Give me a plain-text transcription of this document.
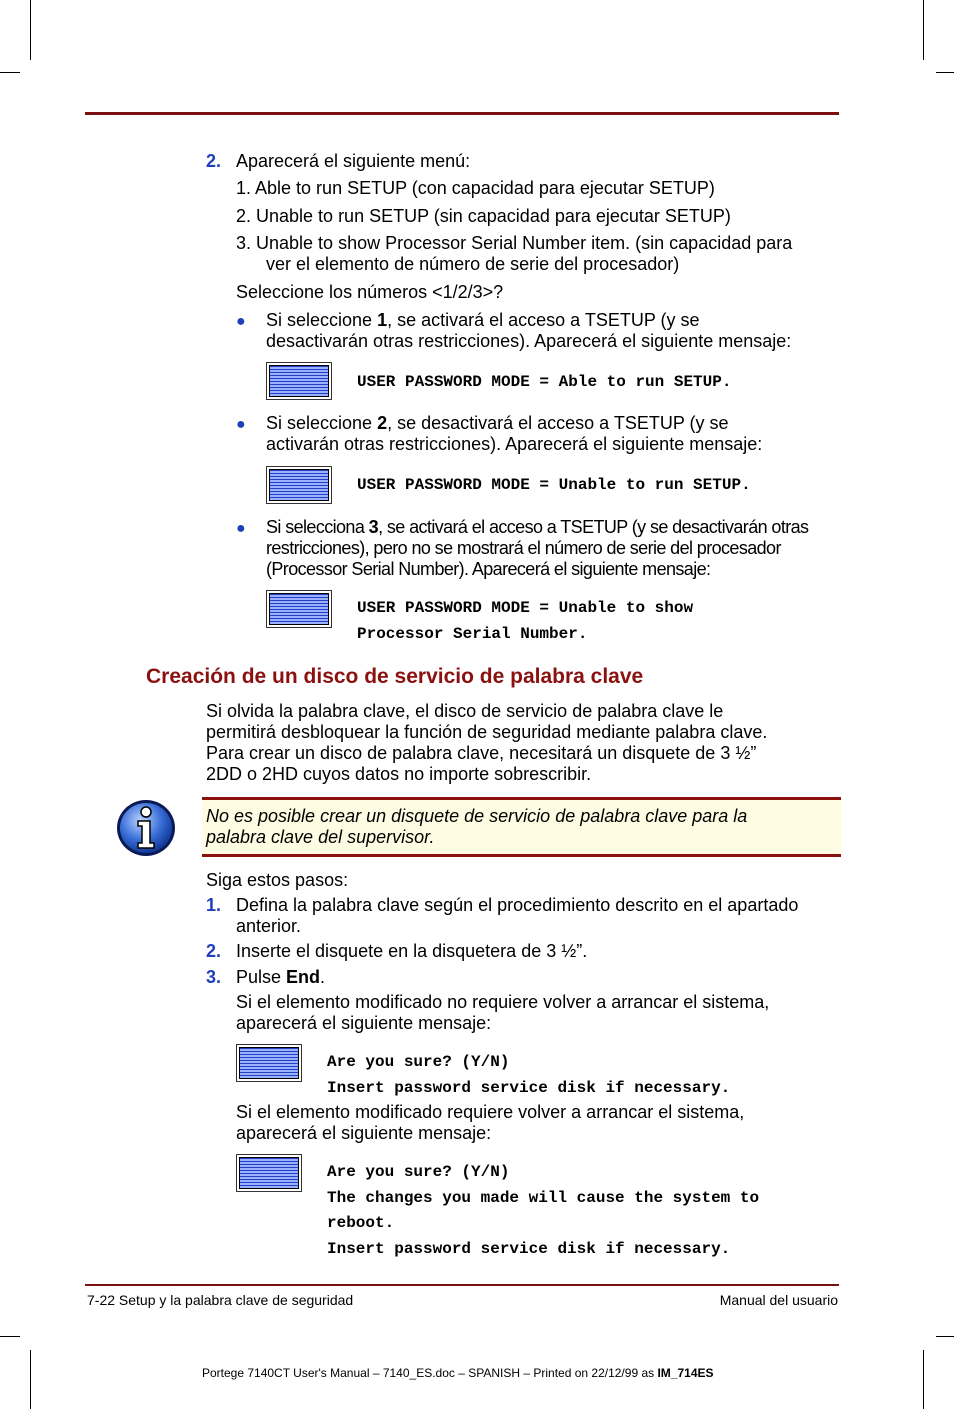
2. Aparecerá el siguiente menú:
1. Able to run SETUP (con capacidad para ejecutar SETUP)
2. Unable to run SETUP (sin capacidad para ejecutar SETUP)
3. Unable to show Processor Serial Number item. (sin capacidad para
ver el elemento de número de serie del procesador)
Seleccione los números <1/2/3>?
● Si seleccione 1, se activará el acceso a TSETUP (y se
desactivarán otras restricciones). Aparecerá el siguiente mensaje:
USER PASSWORD MODE = Able to run SETUP.
● Si seleccione 2, se desactivará el acceso a TSETUP (y se
activarán otras restricciones). Aparecerá el siguiente mensaje:
USER PASSWORD MODE = Unable to run SETUP.
● Si selecciona 3, se activará el acceso a TSETUP (y se desactivarán otras
restricciones), pero no se mostrará el número de serie del procesador
(Processor Serial Number). Aparecerá el siguiente mensaje:
USER PASSWORD MODE = Unable to show
Processor Serial Number.
Creación de un disco de servicio de palabra clave
Si olvida la palabra clave, el disco de servicio de palabra clave le
permitirá desbloquear la función de seguridad mediante palabra clave.
Para crear un disco de palabra clave, necesitará un disquete de 3 ½”
2DD o 2HD cuyos datos no importe sobrescribir.
No es posible crear un disquete de servicio de palabra clave para la
palabra clave del supervisor.
Siga estos pasos:
1. Defina la palabra clave según el procedimiento descrito en el apartado
anterior.
2. Inserte el disquete en la disquetera de 3 ½”.
3. Pulse End.
Si el elemento modificado no requiere volver a arrancar el sistema,
aparecerá el siguiente mensaje:
Are you sure? (Y/N)
Insert password service disk if necessary.
Si el elemento modificado requiere volver a arrancar el sistema,
aparecerá el siguiente mensaje:
Are you sure? (Y/N)
The changes you made will cause the system to
reboot.
Insert password service disk if necessary.
7-22 Setup y la palabra clave de seguridad	Manual del usuario
Portege 7140CT User's Manual – 7140_ES.doc – SPANISH – Printed on 22/12/99 as IM_714ES
